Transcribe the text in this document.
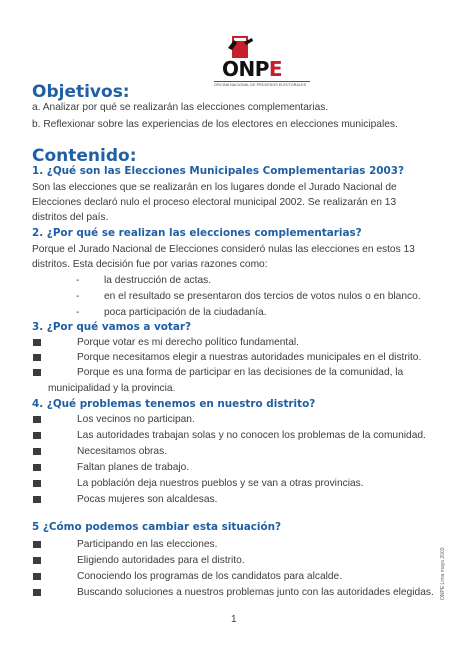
ONPE
OFICINA NACIONAL DE PROCESOS ELECTORALES
Objetivos:
a. Analizar por qué se realizarán las elecciones complementarias.
b. Reflexionar sobre las experiencias de los electores en elecciones municipales.
Contenido:
1. ¿Qué son las Elecciones Municipales Complementarias 2003?
Son las elecciones que se realizarán en los lugares donde el Jurado Nacional de
Elecciones declaró nulo el proceso electoral municipal 2002. Se realizarán en 13
distritos del país.
2. ¿Por qué se realizan las elecciones complementarias?
Porque el Jurado Nacional de Elecciones consideró nulas las elecciones en estos 13
distritos. Esta decisión fue por varias razones como:
- la destrucción de actas.
- en el resultado se presentaron dos tercios de votos nulos o en blanco.
- poca participación de la ciudadanía.
3. ¿Por qué vamos a votar?
Porque votar es mi derecho político fundamental.
Porque necesitamos elegir a nuestras autoridades municipales en el distrito.
Porque es una forma de participar en las decisiones de la comunidad, la
municipalidad y la provincia.
4. ¿Qué problemas tenemos en nuestro distrito?
Los vecinos no participan.
Las autoridades trabajan solas y no conocen los problemas de la comunidad.
Necesitamos obras.
Faltan planes de trabajo.
La población deja nuestros pueblos y se van a otras provincias.
Pocas mujeres son alcaldesas.
5 ¿Cómo podemos cambiar esta situación?
Participando en las elecciones.
Eligiendo autoridades para el distrito.
Conociendo los programas de los candidatos para alcalde.
Buscando soluciones a nuestros problemas junto con las autoridades elegidas. ONPE Lima mayo 2003
1
